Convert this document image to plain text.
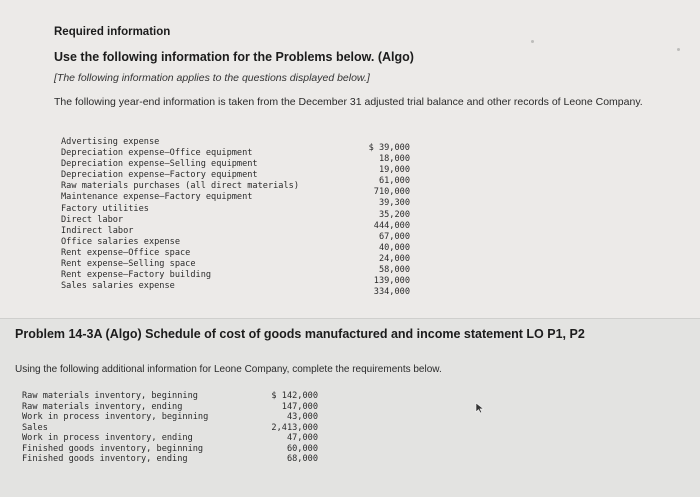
Required information
Use the following information for the Problems below. (Algo)
[The following information applies to the questions displayed below.]
The following year-end information is taken from the December 31 adjusted trial balance and other records of Leone Company.
Advertising expense
Depreciation expense—Office equipment
Depreciation expense—Selling equipment
Depreciation expense—Factory equipment
Raw materials purchases (all direct materials)
Maintenance expense—Factory equipment
Factory utilities
Direct labor
Indirect labor
Office salaries expense
Rent expense—Office space
Rent expense—Selling space
Rent expense—Factory building
Sales salaries expense
$ 39,000
18,000
19,000
61,000
710,000
39,300
35,200
444,000
67,000
40,000
24,000
58,000
139,000
334,000
Problem 14-3A (Algo) Schedule of cost of goods manufactured and income statement LO P1, P2
Using the following additional information for Leone Company, complete the requirements below.
Raw materials inventory, beginning
Raw materials inventory, ending
Work in process inventory, beginning
Sales
Work in process inventory, ending
Finished goods inventory, beginning
Finished goods inventory, ending
$ 142,000
147,000
43,000
2,413,000
47,000
60,000
68,000
